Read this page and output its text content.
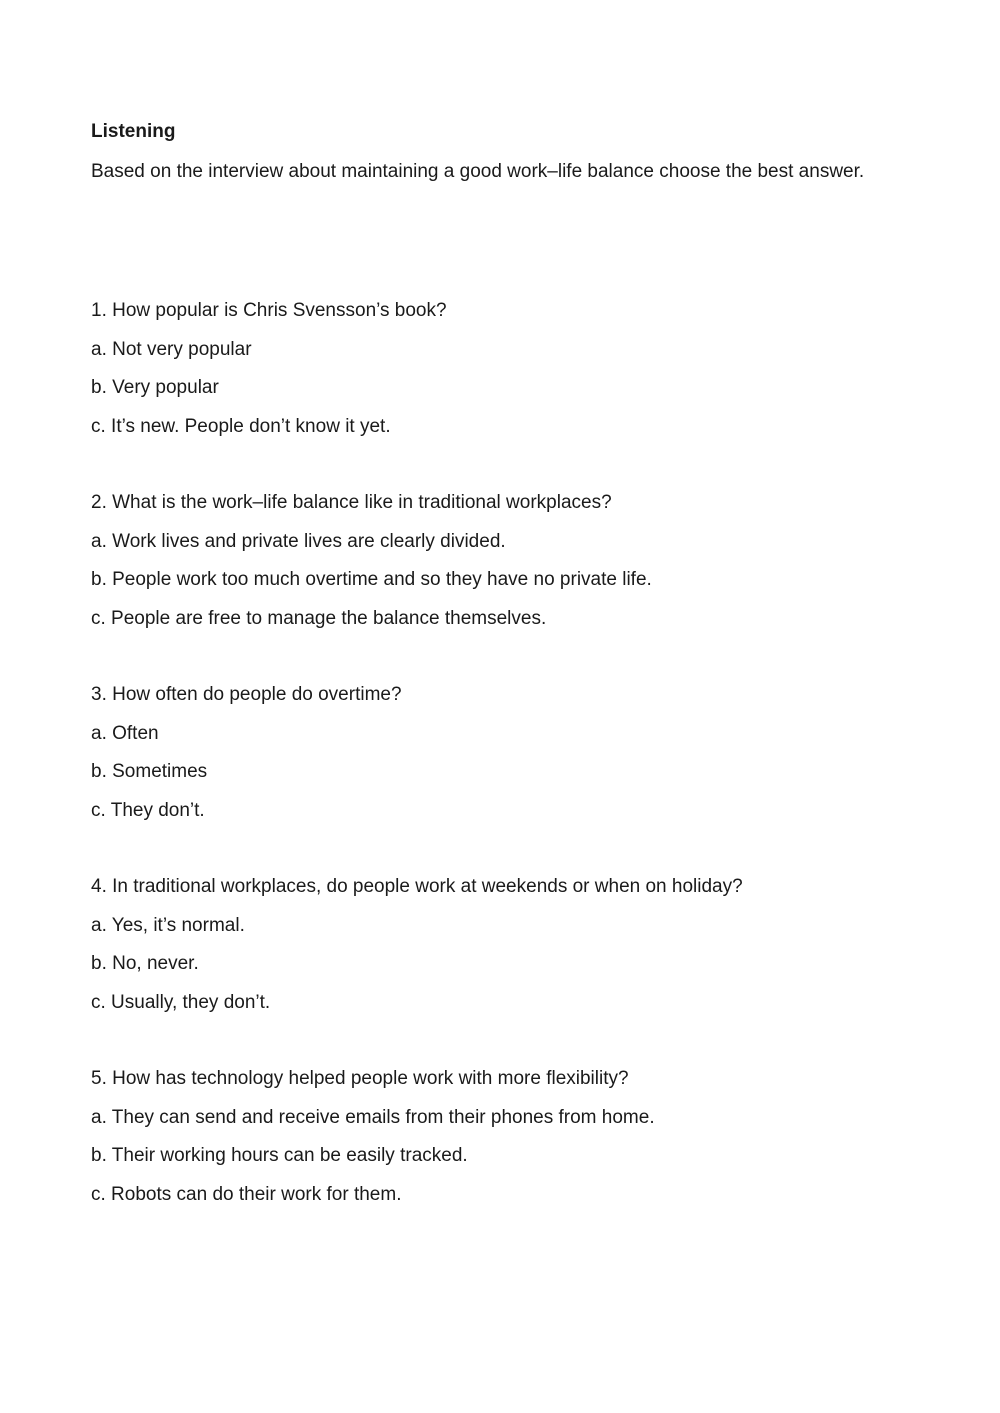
Listening
Based on the interview about maintaining a good work–life balance choose the best answer.
1. How popular is Chris Svensson’s book?
a. Not very popular
b. Very popular
c. It’s new. People don’t know it yet.
2. What is the work–life balance like in traditional workplaces?
a. Work lives and private lives are clearly divided.
b. People work too much overtime and so they have no private life.
c. People are free to manage the balance themselves.
3. How often do people do overtime?
a. Often
b. Sometimes
c. They don’t.
4. In traditional workplaces, do people work at weekends or when on holiday?
a. Yes, it’s normal.
b. No, never.
c. Usually, they don’t.
5. How has technology helped people work with more flexibility?
a. They can send and receive emails from their phones from home.
b. Their working hours can be easily tracked.
c. Robots can do their work for them.
